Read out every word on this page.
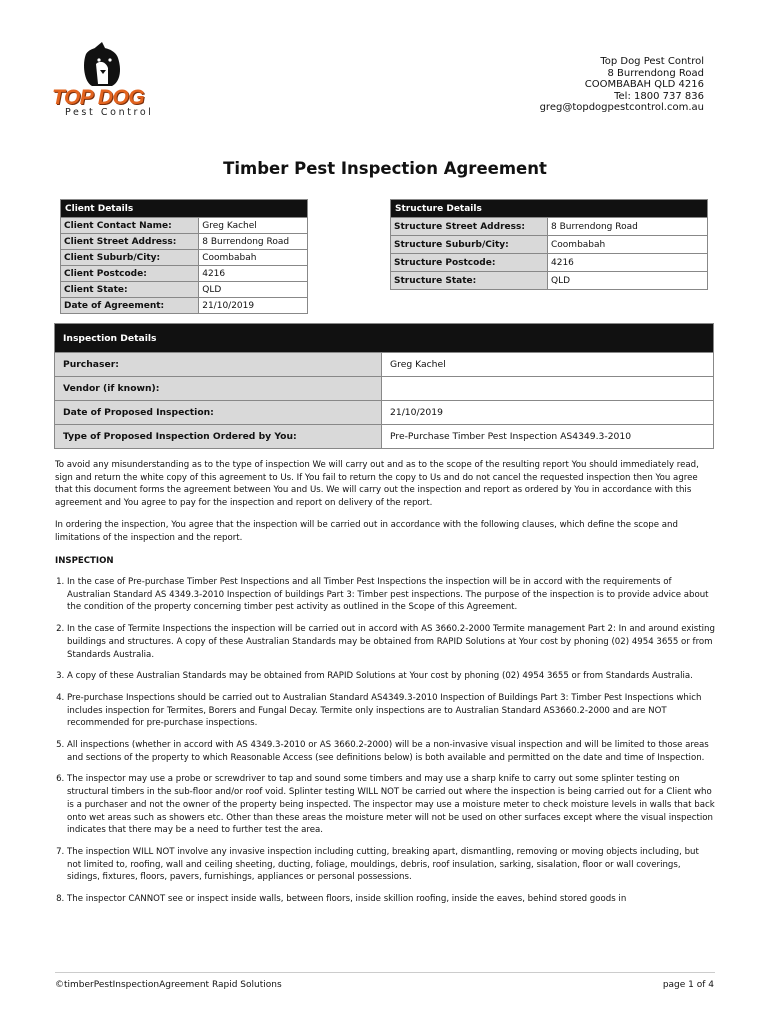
TOP DOG
Pest Control
Top Dog Pest Control
8 Burrendong Road
COOMBABAH QLD 4216
Tel: 1800 737 836
greg@topdogpestcontrol.com.au
Timber Pest Inspection Agreement
Client Details	
Client Contact Name:	Greg Kachel
Client Street Address:	8 Burrendong Road
Client Suburb/City:	Coombabah
Client Postcode:	4216
Client State:	QLD
Date of Agreement:	21/10/2019
Structure Details	
Structure Street Address:	8 Burrendong Road
Structure Suburb/City:	Coombabah
Structure Postcode:	4216
Structure State:	QLD
Inspection Details	
Purchaser:	Greg Kachel
Vendor (if known):	
Date of Proposed Inspection:	21/10/2019
Type of Proposed Inspection Ordered by You:	Pre-Purchase Timber Pest Inspection AS4349.3-2010

To avoid any misunderstanding as to the type of inspection We will carry out and as to the scope of the resulting report You should immediately read, sign and return the white copy of this agreement to Us. If You fail to return the copy to Us and do not cancel the requested inspection then You agree that this document forms the agreement between You and Us. We will carry out the inspection and report as ordered by You in accordance with this agreement and You agree to pay for the inspection and report on delivery of the report.

In ordering the inspection, You agree that the inspection will be carried out in accordance with the following clauses, which define the scope and limitations of the inspection and the report.

INSPECTION
1. In the case of Pre-purchase Timber Pest Inspections and all Timber Pest Inspections the inspection will be in accord with the requirements of Australian Standard AS 4349.3-2010 Inspection of buildings Part 3: Timber pest inspections. The purpose of the inspection is to provide advice about the condition of the property concerning timber pest activity as outlined in the Scope of this Agreement.
2. In the case of Termite Inspections the inspection will be carried out in accord with AS 3660.2-2000 Termite management Part 2: In and around existing buildings and structures. A copy of these Australian Standards may be obtained from RAPID Solutions at Your cost by phoning (02) 4954 3655 or from Standards Australia.
3. A copy of these Australian Standards may be obtained from RAPID Solutions at Your cost by phoning (02) 4954 3655 or from Standards Australia.
4. Pre-purchase Inspections should be carried out to Australian Standard AS4349.3-2010 Inspection of Buildings Part 3: Timber Pest Inspections which includes inspection for Termites, Borers and Fungal Decay. Termite only inspections are to Australian Standard AS3660.2-2000 and are NOT recommended for pre-purchase inspections.
5. All inspections (whether in accord with AS 4349.3-2010 or AS 3660.2-2000) will be a non-invasive visual inspection and will be limited to those areas and sections of the property to which Reasonable Access (see definitions below) is both available and permitted on the date and time of Inspection.
6. The inspector may use a probe or screwdriver to tap and sound some timbers and may use a sharp knife to carry out some splinter testing on structural timbers in the sub-floor and/or roof void. Splinter testing WILL NOT be carried out where the inspection is being carried out for a Client who is a purchaser and not the owner of the property being inspected. The inspector may use a moisture meter to check moisture levels in walls that back onto wet areas such as showers etc. Other than these areas the moisture meter will not be used on other surfaces except where the visual inspection indicates that there may be a need to further test the area.
7. The inspection WILL NOT involve any invasive inspection including cutting, breaking apart, dismantling, removing or moving objects including, but not limited to, roofing, wall and ceiling sheeting, ducting, foliage, mouldings, debris, roof insulation, sarking, sisalation, floor or wall coverings, sidings, fixtures, floors, pavers, furnishings, appliances or personal possessions.
8. The inspector CANNOT see or inspect inside walls, between floors, inside skillion roofing, inside the eaves, behind stored goods in
©timberPestInspectionAgreement Rapid Solutions	page 1 of 4
